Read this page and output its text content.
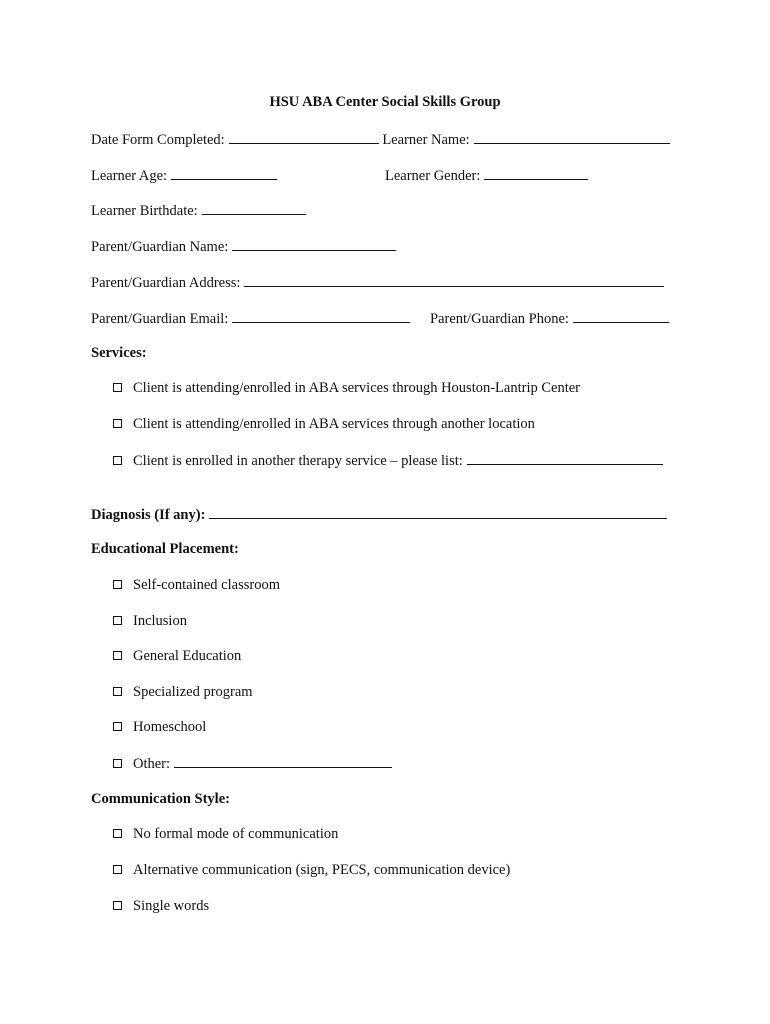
HSU ABA Center Social Skills Group
Date Form Completed:	Learner Name:
Learner Age:	Learner Gender:
Learner Birthdate:
Parent/Guardian Name:
Parent/Guardian Address:
Parent/Guardian Email:	Parent/Guardian Phone:
Services:
Client is attending/enrolled in ABA services through Houston-Lantrip Center
Client is attending/enrolled in ABA services through another location
Client is enrolled in another therapy service – please list:
Diagnosis (If any):
Educational Placement:
Self-contained classroom
Inclusion
General Education
Specialized program
Homeschool
Other:
Communication Style:
No formal mode of communication
Alternative communication (sign, PECS, communication device)
Single words
